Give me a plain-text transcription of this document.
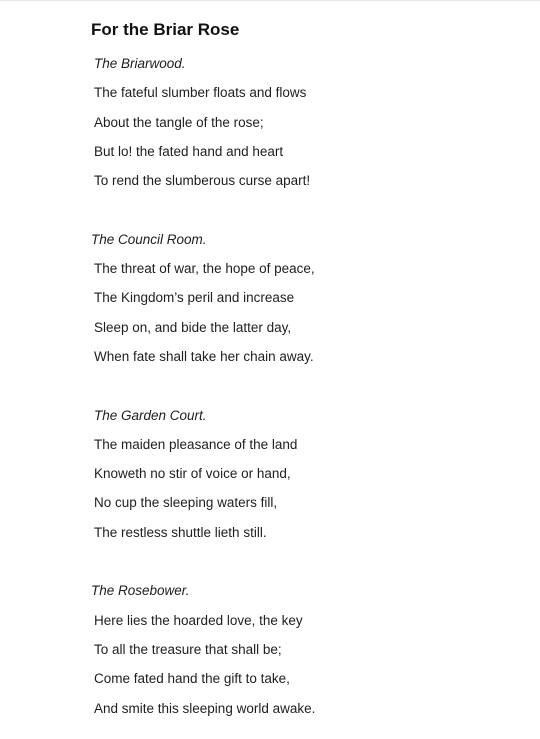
For the Briar Rose
The Briarwood.
The fateful slumber floats and flows
About the tangle of the rose;
But lo! the fated hand and heart
To rend the slumberous curse apart!
The Council Room.
The threat of war, the hope of peace,
The Kingdom’s peril and increase
Sleep on, and bide the latter day,
When fate shall take her chain away.
The Garden Court.
The maiden pleasance of the land
Knoweth no stir of voice or hand,
No cup the sleeping waters fill,
The restless shuttle lieth still.
The Rosebower.
Here lies the hoarded love, the key
To all the treasure that shall be;
Come fated hand the gift to take,
And smite this sleeping world awake.
